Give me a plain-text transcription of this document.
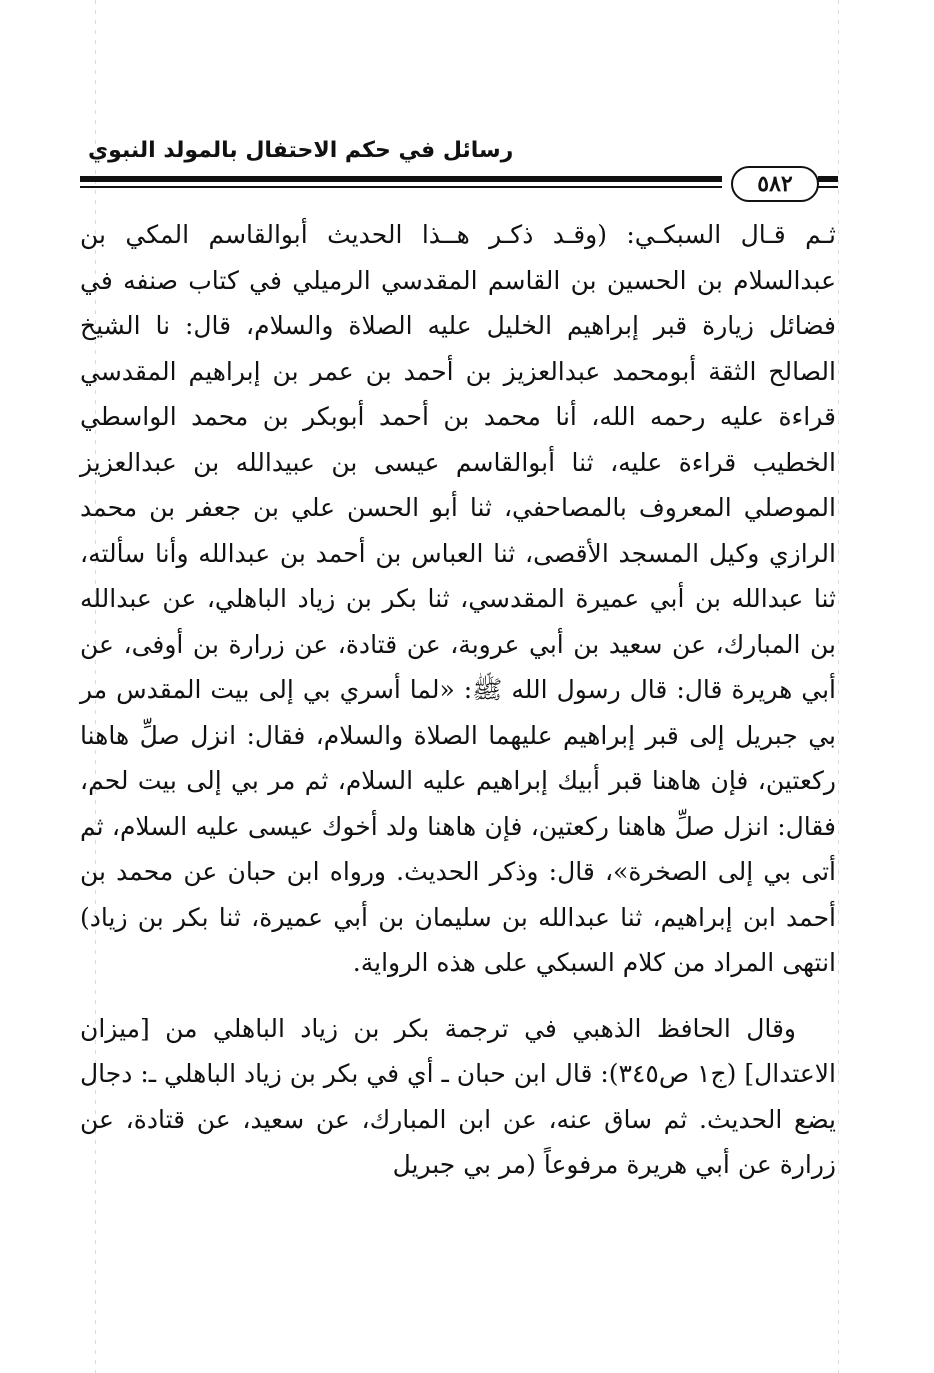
رسائل في حكم الاحتفال بالمولد النبوي
٥٨٢

ثـم قـال السبكـي: (وقـد ذكـر هــذا الحديث أبوالقاسم المكي بن عبدالسلام بن الحسين بن القاسم المقدسي الرميلي في كتاب صنفه في فضائل زيارة قبر إبراهيم الخليل عليه الصلاة والسلام، قال: نا الشيخ الصالح الثقة أبومحمد عبدالعزيز بن أحمد بن عمر بن إبراهيم المقدسي قراءة عليه رحمه الله، أنا محمد بن أحمد أبوبكر بن محمد الواسطي الخطيب قراءة عليه، ثنا أبوالقاسم عيسى بن عبيدالله بن عبدالعزيز الموصلي المعروف بالمصاحفي، ثنا أبو الحسن علي بن جعفر بن محمد الرازي وكيل المسجد الأقصى، ثنا العباس بن أحمد بن عبدالله وأنا سألته، ثنا عبدالله بن أبي عميرة المقدسي، ثنا بكر بن زياد الباهلي، عن عبدالله بن المبارك، عن سعيد بن أبي عروبة، عن قتادة، عن زرارة بن أوفى، عن أبي هريرة قال: قال رسول الله ﷺ: «لما أسري بي إلى بيت المقدس مر بي جبريل إلى قبر إبراهيم عليهما الصلاة والسلام، فقال: انزل صلِّ هاهنا ركعتين، فإن هاهنا قبر أبيك إبراهيم عليه السلام، ثم مر بي إلى بيت لحم، فقال: انزل صلِّ هاهنا ركعتين، فإن هاهنا ولد أخوك عيسى عليه السلام، ثم أتى بي إلى الصخرة»، قال: وذكر الحديث. ورواه ابن حبان عن محمد بن أحمد ابن إبراهيم، ثنا عبدالله بن سليمان بن أبي عميرة، ثنا بكر بن زياد) انتهى المراد من كلام السبكي على هذه الرواية.

وقال الحافظ الذهبي في ترجمة بكر بن زياد الباهلي من [ميزان الاعتدال] (ج١ ص٣٤٥): قال ابن حبان ـ أي في بكر بن زياد الباهلي ـ: دجال يضع الحديث. ثم ساق عنه، عن ابن المبارك، عن سعيد، عن قتادة، عن زرارة عن أبي هريرة مرفوعاً (مر بي جبريل
